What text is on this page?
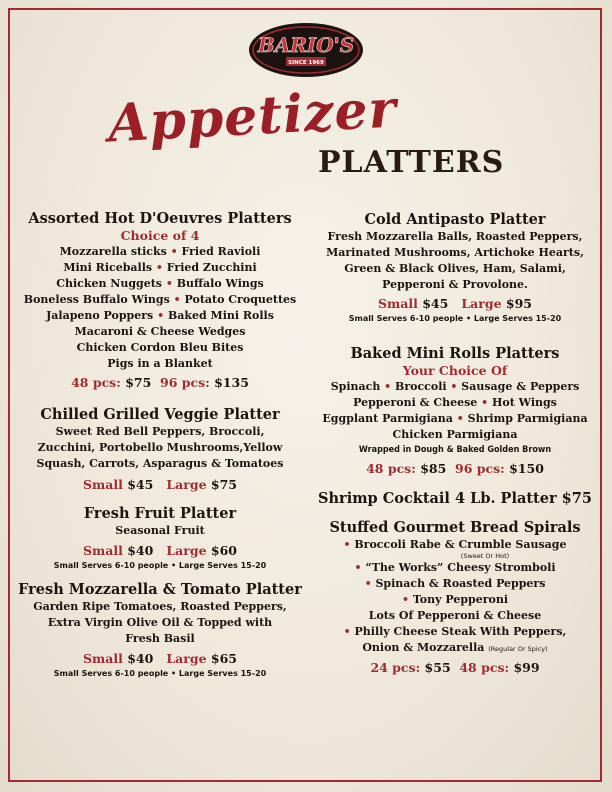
BARIO'S
SINCE 1969
Appetizer
PLATTERS
Assorted Hot D'Oeuvres Platters
Choice of 4
Mozzarella sticks • Fried Ravioli
Mini Riceballs • Fried Zucchini
Chicken Nuggets • Buffalo Wings
Boneless Buffalo Wings • Potato Croquettes
Jalapeno Poppers • Baked Mini Rolls
Macaroni & Cheese Wedges
Chicken Cordon Bleu Bites
Pigs in a Blanket
48 pcs: $75 96 pcs: $135
Chilled Grilled Veggie Platter
Sweet Red Bell Peppers, Broccoli,
Zucchini, Portobello Mushrooms,Yellow
Squash, Carrots, Asparagus & Tomatoes
Small $45 Large $75
Fresh Fruit Platter
Seasonal Fruit
Small $40 Large $60
Small Serves 6-10 people • Large Serves 15-20
Fresh Mozzarella & Tomato Platter
Garden Ripe Tomatoes, Roasted Peppers,
Extra Virgin Olive Oil & Topped with
Fresh Basil
Small $40 Large $65
Small Serves 6-10 people • Large Serves 15-20
Cold Antipasto Platter
Fresh Mozzarella Balls, Roasted Peppers,
Marinated Mushrooms, Artichoke Hearts,
Green & Black Olives, Ham, Salami,
Pepperoni & Provolone.
Small $45 Large $95
Small Serves 6-10 people • Large Serves 15-20
Baked Mini Rolls Platters
Your Choice Of
Spinach • Broccoli • Sausage & Peppers
Pepperoni & Cheese • Hot Wings
Eggplant Parmigiana • Shrimp Parmigiana
Chicken Parmigiana
Wrapped in Dough & Baked Golden Brown
48 pcs: $85 96 pcs: $150
Shrimp Cocktail 4 Lb. Platter $75
Stuffed Gourmet Bread Spirals
• Broccoli Rabe & Crumble Sausage
(Sweet Or Hot)
• “The Works” Cheesy Stromboli
• Spinach & Roasted Peppers
• Tony Pepperoni
Lots Of Pepperoni & Cheese
• Philly Cheese Steak With Peppers,
Onion & Mozzarella (Regular Or Spicy)
24 pcs: $55 48 pcs: $99
